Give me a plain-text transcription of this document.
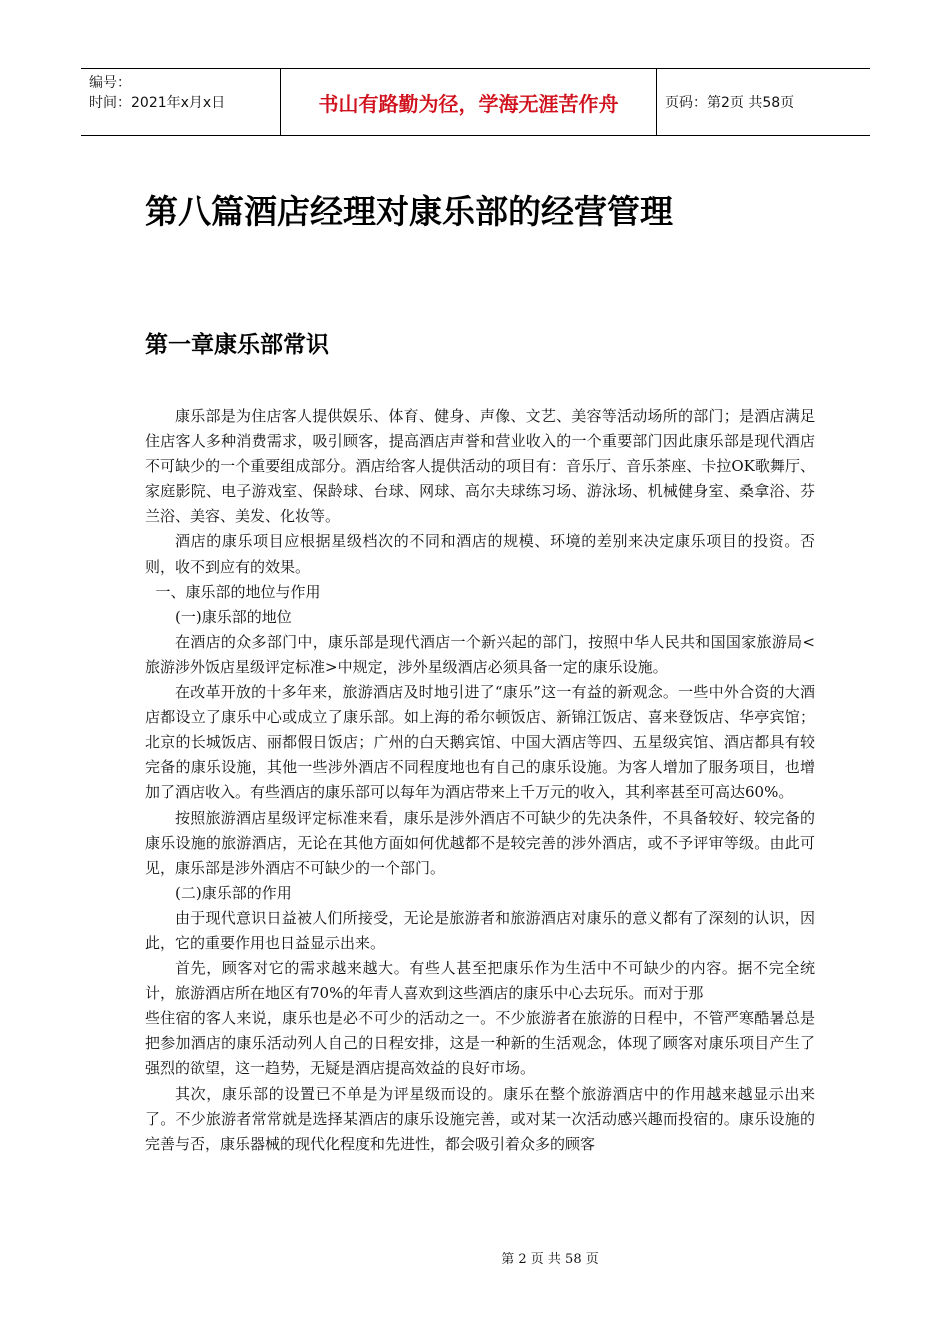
编号：
时间：2021年x月x日	书山有路勤为径，学海无涯苦作舟	页码：第2页 共58页
第八篇酒店经理对康乐部的经营管理
第一章康乐部常识

康乐部是为住店客人提供娱乐、体育、健身、声像、文艺、美容等活动场所的部门；是酒店满足住店客人多种消费需求，吸引顾客，提高酒店声誉和营业收入的一个重要部门因此康乐部是现代酒店不可缺少的一个重要组成部分。酒店给客人提供活动的项目有：音乐厅、音乐茶座、卡拉OK歌舞厅、家庭影院、电子游戏室、保龄球、台球、网球、高尔夫球练习场、游泳场、机械健身室、桑拿浴、芬兰浴、美容、美发、化妆等。

酒店的康乐项目应根据星级档次的不同和酒店的规模、环境的差别来决定康乐项目的投资。否则，收不到应有的效果。

一、康乐部的地位与作用

(一)康乐部的地位

在酒店的众多部门中，康乐部是现代酒店一个新兴起的部门，按照中华人民共和国国家旅游局<旅游涉外饭店星级评定标准>中规定，涉外星级酒店必须具备一定的康乐设施。

在改革开放的十多年来，旅游酒店及时地引进了“康乐”这一有益的新观念。一些中外合资的大酒店都设立了康乐中心或成立了康乐部。如上海的希尔顿饭店、新锦江饭店、喜来登饭店、华亭宾馆；北京的长城饭店、丽都假日饭店；广州的白天鹅宾馆、中国大酒店等四、五星级宾馆、酒店都具有较完备的康乐设施，其他一些涉外酒店不同程度地也有自己的康乐设施。为客人增加了服务项目，也增加了酒店收入。有些酒店的康乐部可以每年为酒店带来上千万元的收入，其利率甚至可高达60%。

按照旅游酒店星级评定标准来看，康乐是涉外酒店不可缺少的先决条件，不具备较好、较完备的康乐设施的旅游酒店，无论在其他方面如何优越都不是较完善的涉外酒店，或不予评审等级。由此可见，康乐部是涉外酒店不可缺少的一个部门。

(二)康乐部的作用

由于现代意识日益被人们所接受，无论是旅游者和旅游酒店对康乐的意义都有了深刻的认识，因此，它的重要作用也日益显示出来。

首先，顾客对它的需求越来越大。有些人甚至把康乐作为生活中不可缺少的内容。据不完全统计，旅游酒店所在地区有70%的年青人喜欢到这些酒店的康乐中心去玩乐。而对于那

些住宿的客人来说，康乐也是必不可少的活动之一。不少旅游者在旅游的日程中，不管严寒酷暑总是把参加酒店的康乐活动列人自己的日程安排，这是一种新的生活观念，体现了顾客对康乐项目产生了强烈的欲望，这一趋势，无疑是酒店提高效益的良好市场。

其次，康乐部的设置已不单是为评星级而设的。康乐在整个旅游酒店中的作用越来越显示出来了。不少旅游者常常就是选择某酒店的康乐设施完善，或对某一次活动感兴趣而投宿的。康乐设施的完善与否，康乐器械的现代化程度和先进性，都会吸引着众多的顾客

第 2 页 共 58 页
